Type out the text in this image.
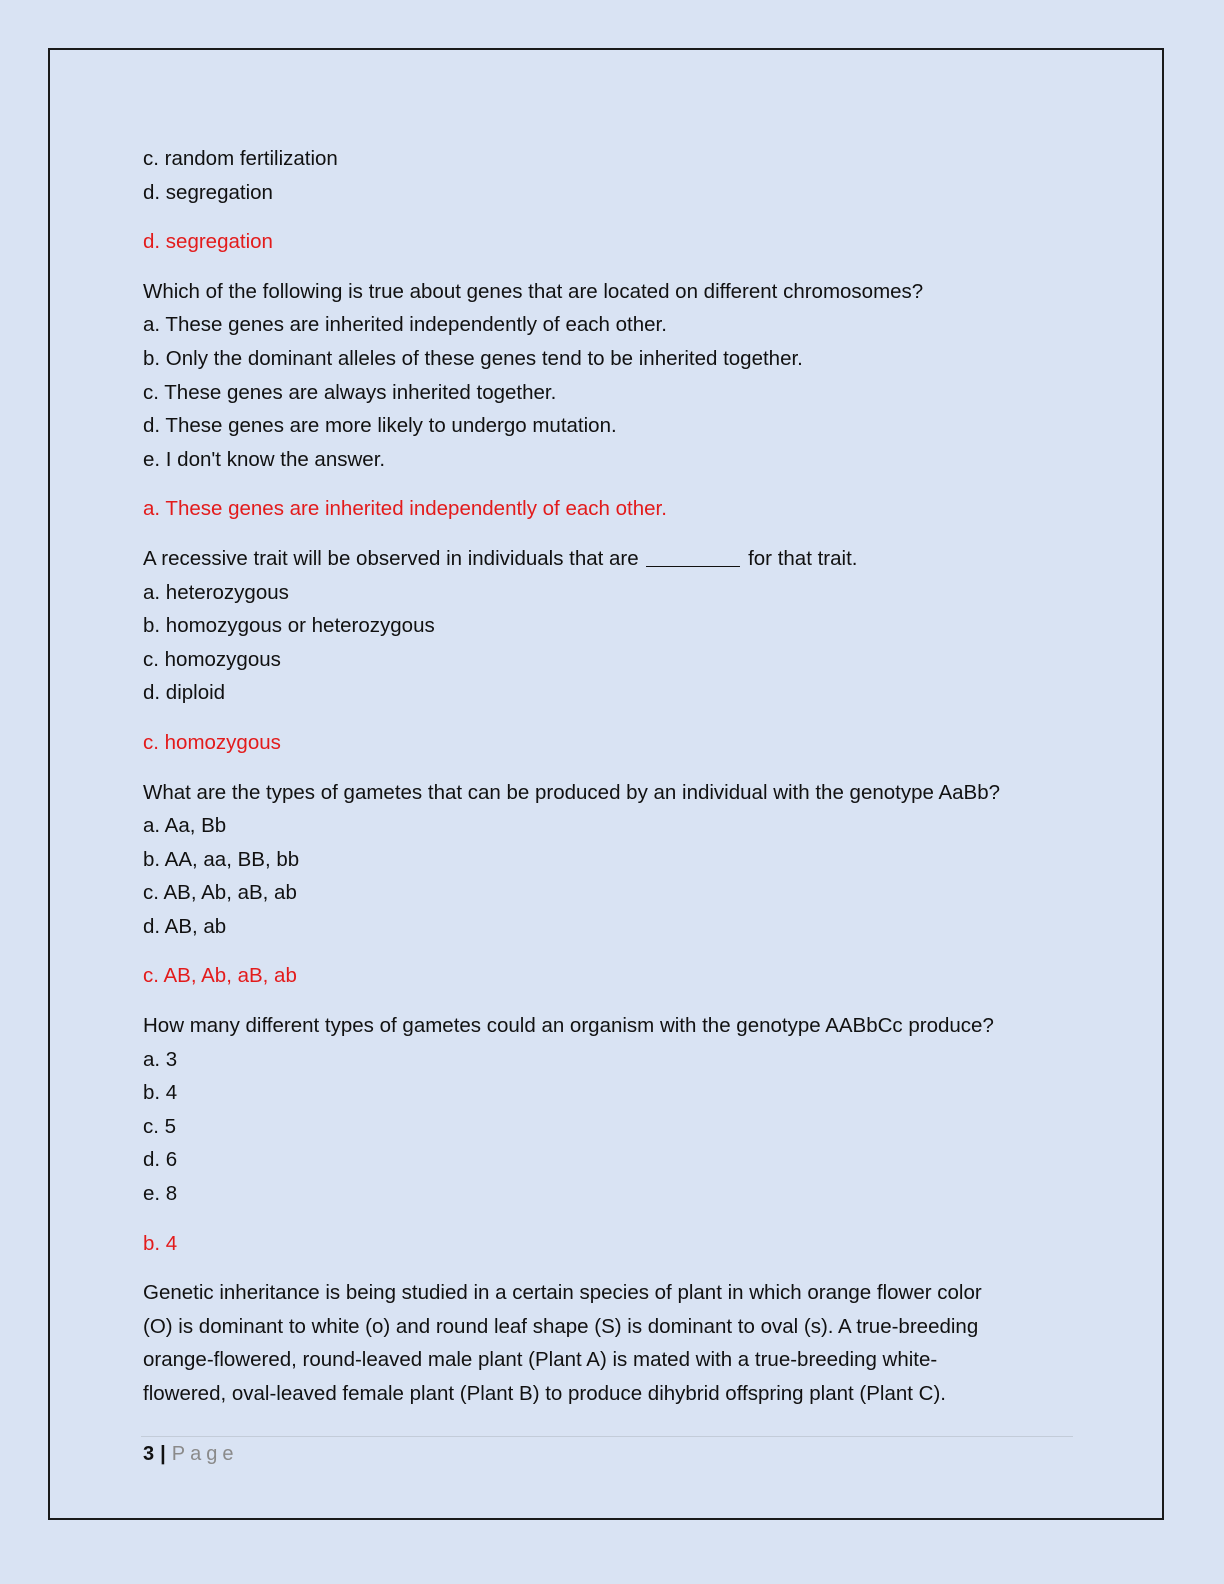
c. random fertilization
d. segregation
d. segregation
Which of the following is true about genes that are located on different chromosomes?
a. These genes are inherited independently of each other.
b. Only the dominant alleles of these genes tend to be inherited together.
c. These genes are always inherited together.
d. These genes are more likely to undergo mutation.
e. I don't know the answer.
a. These genes are inherited independently of each other.
A recessive trait will be observed in individuals that are	for that trait.
a. heterozygous
b. homozygous or heterozygous
c. homozygous
d. diploid
c. homozygous
What are the types of gametes that can be produced by an individual with the genotype AaBb?
a. Aa, Bb
b. AA, aa, BB, bb
c. AB, Ab, aB, ab
d. AB, ab
c. AB, Ab, aB, ab
How many different types of gametes could an organism with the genotype AABbCc produce?
a. 3
b. 4
c. 5
d. 6
e. 8
b. 4
Genetic inheritance is being studied in a certain species of plant in which orange flower color
(O) is dominant to white (o) and round leaf shape (S) is dominant to oval (s). A true-breeding
orange-flowered, round-leaved male plant (Plant A) is mated with a true-breeding white-
flowered, oval-leaved female plant (Plant B) to produce dihybrid offspring plant (Plant C).
3 | Page
